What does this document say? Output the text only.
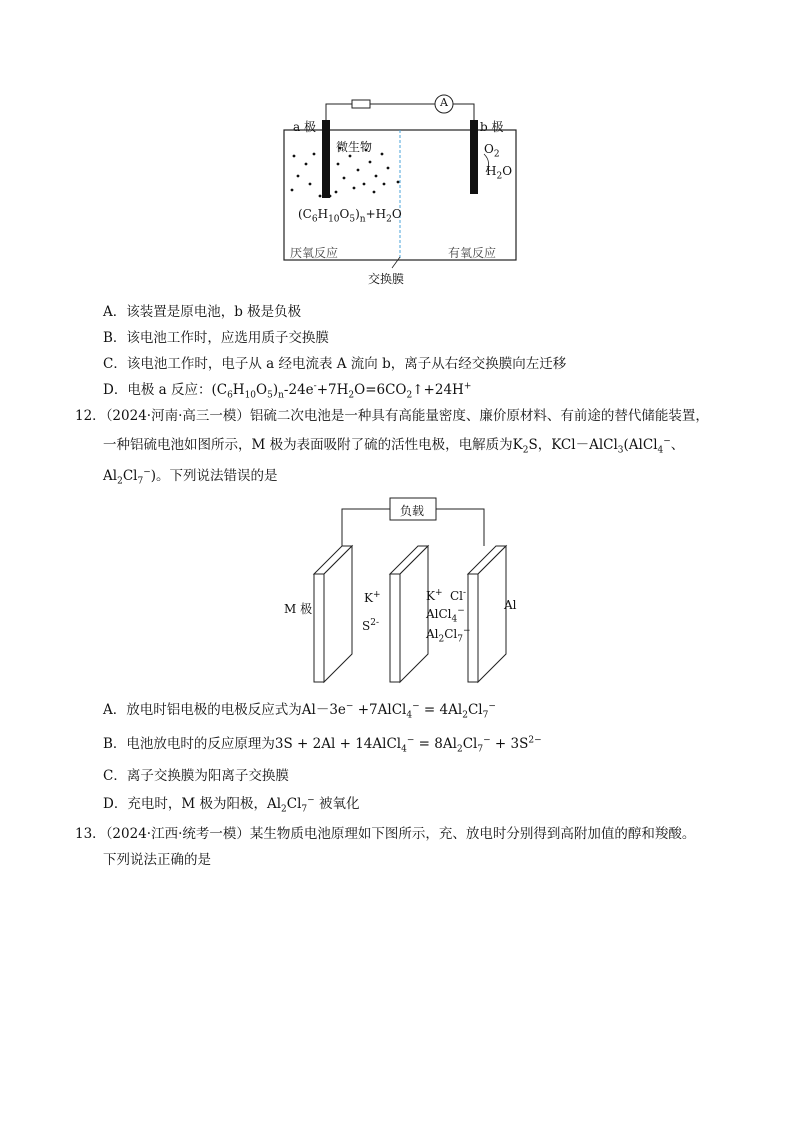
a 极	b 极
A
微生物	$O_2$
$H_2O$
$(C_6H_{10}O_5)_n+H_2O$
厌氧反应	有氧反应
交换膜
A．该装置是原电池，b 极是负极
B．该电池工作时，应选用质子交换膜
C．该电池工作时，电子从 a 经电流表 A 流向 b，离子从右经交换膜向左迁移
D．电极 a 反应：$(C_6H_{10}O_5)_n-24e^-+7H_2O=6CO_2↑+24H^+$
12．（2024·河南·高三一模）铝硫二次电池是一种具有高能量密度、廉价原材料、有前途的替代储能装置，
一种铝硫电池如图所示，M 极为表面吸附了硫的活性电极，电解质为$K_2S$，KCl－AlCl$_3$(AlCl$_4$−、
$Al_2Cl_7^-$)。下列说法错误的是
负载
M 极	Al
K+
$S^{2-}$
K+ Cl-
AlCl$_4$−
$Al_2Cl_7^-$
A．放电时铝电极的电极反应式为Al－3e− +7AlCl$_4$− = $4Al_2Cl_7^-$
B．电池放电时的反应原理为3S + 2Al + 14AlCl$_4$− = $8Al_2Cl_7^- + 3S^{2-}$
C．离子交换膜为阳离子交换膜
D．充电时，M 极为阳极，$Al_2Cl_7^-$ 被氧化
13．（2024·江西·统考一模）某生物质电池原理如下图所示，充、放电时分别得到高附加值的醇和羧酸。
下列说法正确的是
